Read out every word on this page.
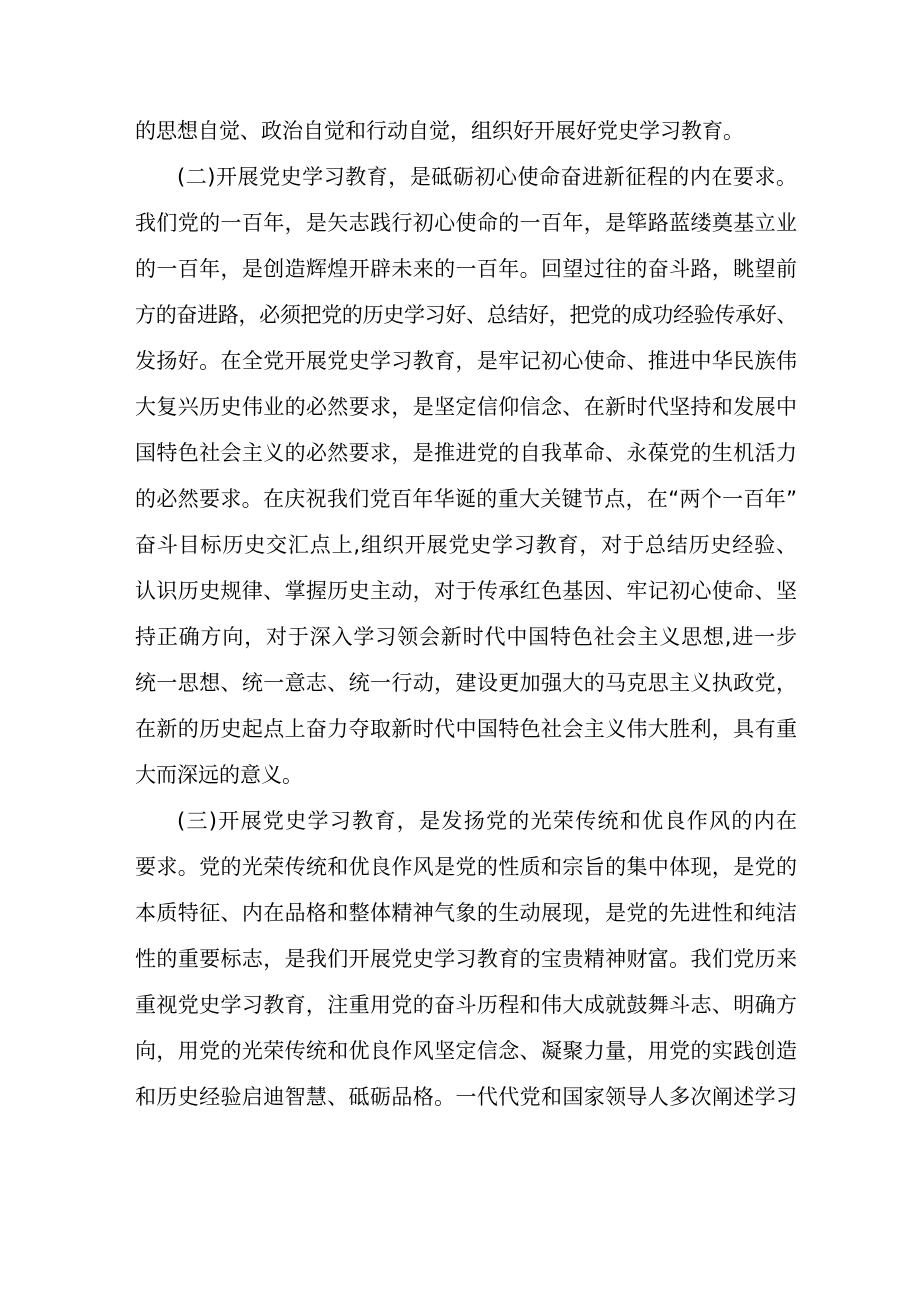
的思想自觉、政治自觉和行动自觉，组织好开展好党史学习教育。
(二)开展党史学习教育，是砥砺初心使命奋进新征程的内在要求。
我们党的一百年，是矢志践行初心使命的一百年，是筚路蓝缕奠基立业
的一百年，是创造辉煌开辟未来的一百年。回望过往的奋斗路，眺望前
方的奋进路，必须把党的历史学习好、总结好，把党的成功经验传承好、
发扬好。在全党开展党史学习教育，是牢记初心使命、推进中华民族伟
大复兴历史伟业的必然要求，是坚定信仰信念、在新时代坚持和发展中
国特色社会主义的必然要求，是推进党的自我革命、永葆党的生机活力
的必然要求。在庆祝我们党百年华诞的重大关键节点，在“两个一百年”
奋斗目标历史交汇点上,组织开展党史学习教育，对于总结历史经验、
认识历史规律、掌握历史主动，对于传承红色基因、牢记初心使命、坚
持正确方向，对于深入学习领会新时代中国特色社会主义思想,进一步
统一思想、统一意志、统一行动，建设更加强大的马克思主义执政党，
在新的历史起点上奋力夺取新时代中国特色社会主义伟大胜利，具有重
大而深远的意义。
(三)开展党史学习教育，是发扬党的光荣传统和优良作风的内在
要求。党的光荣传统和优良作风是党的性质和宗旨的集中体现，是党的
本质特征、内在品格和整体精神气象的生动展现，是党的先进性和纯洁
性的重要标志，是我们开展党史学习教育的宝贵精神财富。我们党历来
重视党史学习教育，注重用党的奋斗历程和伟大成就鼓舞斗志、明确方
向，用党的光荣传统和优良作风坚定信念、凝聚力量，用党的实践创造
和历史经验启迪智慧、砥砺品格。一代代党和国家领导人多次阐述学习
